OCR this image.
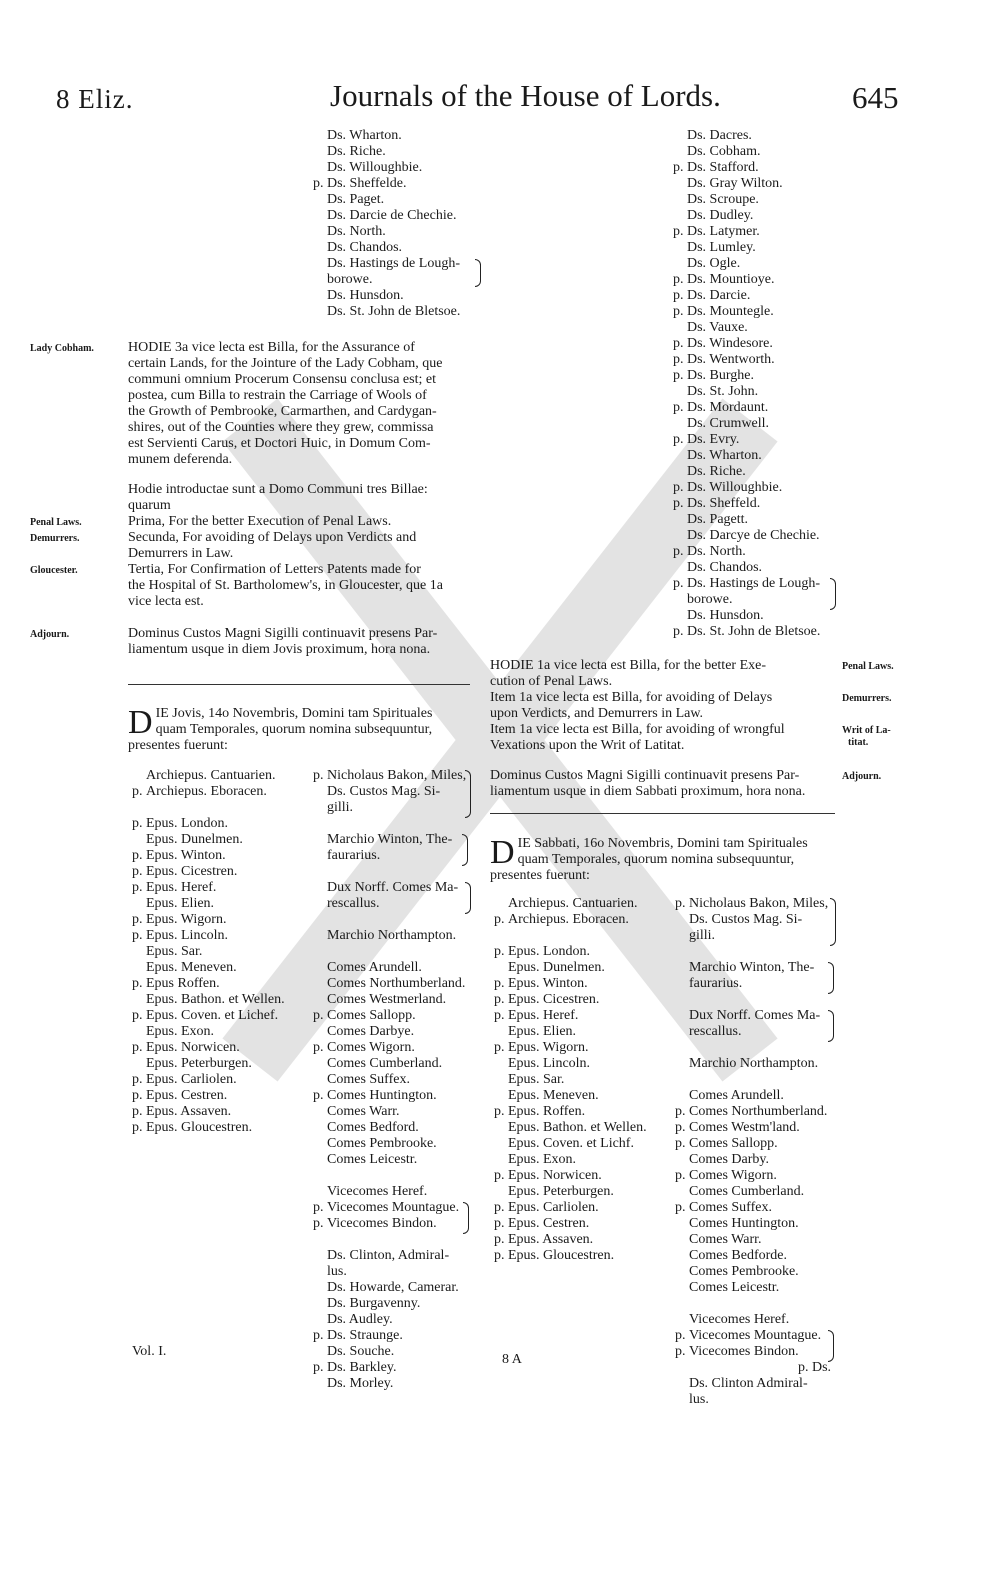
8 Eliz.	Journals of the House of Lords.	645
Ds. Wharton.
Ds. Riche.
Ds. Willoughbie.
p. Ds. Sheffelde.
Ds. Paget.
Ds. Darcie de Chechie.
Ds. North.
Ds. Chandos.
Ds. Hastings de Lough-
borowe.
Ds. Hunsdon.
Ds. St. John de Bletsoe.
HODIE 3a vice lecta est Billa, for the Assurance of
certain Lands, for the Jointure of the Lady Cobham, que
communi omnium Procerum Consensu conclusa est; et
postea, cum Billa to restrain the Carriage of Wools of
the Growth of Pembrooke, Carmarthen, and Cardygan-
shires, out of the Counties where they grew, commissa
est Servienti Carus, et Doctori Huic, in Domum Com-
munem deferenda.
Lady Cobham.
Hodie introductae sunt a Domo Communi tres Billae:
quarum
Prima, For the better Execution of Penal Laws.
Penal Laws.
Secunda, For avoiding of Delays upon Verdicts and
Demurrers in Law.
Demurrers.
Tertia, For Confirmation of Letters Patents made for
the Hospital of St. Bartholomew's, in Gloucester, que 1a
vice lecta est.
Gloucester.
Dominus Custos Magni Sigilli continuavit presens Par-
liamentum usque in diem Jovis proximum, hora nona.
Adjourn.
D IE Jovis, 14o Novembris, Domini tam Spirituales
quam Temporales, quorum nomina subsequuntur,
presentes fuerunt:
Archiepus. Cantuarien.
p. Archiepus. Eboracen.
p. Epus. London.
Epus. Dunelmen.
p. Epus. Winton.
p. Epus. Cicestren.
p. Epus. Heref.
Epus. Elien.
p. Epus. Wigorn.
p. Epus. Lincoln.
Epus. Sar.
Epus. Meneven.
p. Epus Roffen.
Epus. Bathon. et Wellen.
p. Epus. Coven. et Lichef.
Epus. Exon.
p. Epus. Norwicen.
Epus. Peterburgen.
p. Epus. Carliolen.
p. Epus. Cestren.
p. Epus. Assaven.
p. Epus. Gloucestren.
p. Nicholaus Bakon, Miles,
Ds. Custos Mag. Si-
gilli.
Marchio Winton, The-
faurarius.
Dux Norff. Comes Ma-
rescallus.
Marchio Northampton.
Comes Arundell.
Comes Northumberland.
Comes Westmerland.
p. Comes Sallopp.
Comes Darbye.
p. Comes Wigorn.
Comes Cumberland.
Comes Suffex.
p. Comes Huntington.
Comes Warr.
Comes Bedford.
Comes Pembrooke.
Comes Leicestr.
Vicecomes Heref.
p. Vicecomes Mountague.
p. Vicecomes Bindon.
Ds. Clinton, Admiral-
lus.
Ds. Howarde, Camerar.
Ds. Burgavenny.
Ds. Audley.
p. Ds. Straunge.
Ds. Souche.
p. Ds. Barkley.
Ds. Morley.
Ds. Dacres.
Ds. Cobham.
p. Ds. Stafford.
Ds. Gray Wilton.
Ds. Scroupe.
Ds. Dudley.
p. Ds. Latymer.
Ds. Lumley.
Ds. Ogle.
p. Ds. Mountioye.
p. Ds. Darcie.
p. Ds. Mountegle.
Ds. Vauxe.
p. Ds. Windesore.
p. Ds. Wentworth.
p. Ds. Burghe.
Ds. St. John.
p. Ds. Mordaunt.
Ds. Crumwell.
p. Ds. Evry.
Ds. Wharton.
Ds. Riche.
p. Ds. Willoughbie.
p. Ds. Sheffeld.
Ds. Pagett.
Ds. Darcye de Chechie.
p. Ds. North.
Ds. Chandos.
p. Ds. Hastings de Lough-
borowe.
Ds. Hunsdon.
p. Ds. St. John de Bletsoe.
HODIE 1a vice lecta est Billa, for the better Exe-
cution of Penal Laws.
Penal Laws.
Item 1a vice lecta est Billa, for avoiding of Delays
upon Verdicts, and Demurrers in Law.
Demurrers.
Item 1a vice lecta est Billa, for avoiding of wrongful
Vexations upon the Writ of Latitat.
Writ of La-
titat.
Dominus Custos Magni Sigilli continuavit presens Par-
liamentum usque in diem Sabbati proximum, hora nona.
Adjourn.
D IE Sabbati, 16o Novembris, Domini tam Spirituales
quam Temporales, quorum nomina subsequuntur,
presentes fuerunt:
Archiepus. Cantuarien.
p. Archiepus. Eboracen.
p. Epus. London.
Epus. Dunelmen.
p. Epus. Winton.
p. Epus. Cicestren.
p. Epus. Heref.
Epus. Elien.
p. Epus. Wigorn.
Epus. Lincoln.
Epus. Sar.
Epus. Meneven.
p. Epus. Roffen.
Epus. Bathon. et Wellen.
Epus. Coven. et Lichf.
Epus. Exon.
p. Epus. Norwicen.
Epus. Peterburgen.
p. Epus. Carliolen.
p. Epus. Cestren.
p. Epus. Assaven.
p. Epus. Gloucestren.
p. Nicholaus Bakon, Miles,
Ds. Custos Mag. Si-
gilli.
Marchio Winton, The-
faurarius.
Dux Norff. Comes Ma-
rescallus.
Marchio Northampton.
Comes Arundell.
p. Comes Northumberland.
p. Comes Westm'land.
p. Comes Sallopp.
Comes Darby.
p. Comes Wigorn.
Comes Cumberland.
p. Comes Suffex.
Comes Huntington.
Comes Warr.
Comes Bedforde.
Comes Pembrooke.
Comes Leicestr.
Vicecomes Heref.
p. Vicecomes Mountague.
p. Vicecomes Bindon.
Ds. Clinton Admiral-
lus.
Vol. I.
8 A
p. Ds.
